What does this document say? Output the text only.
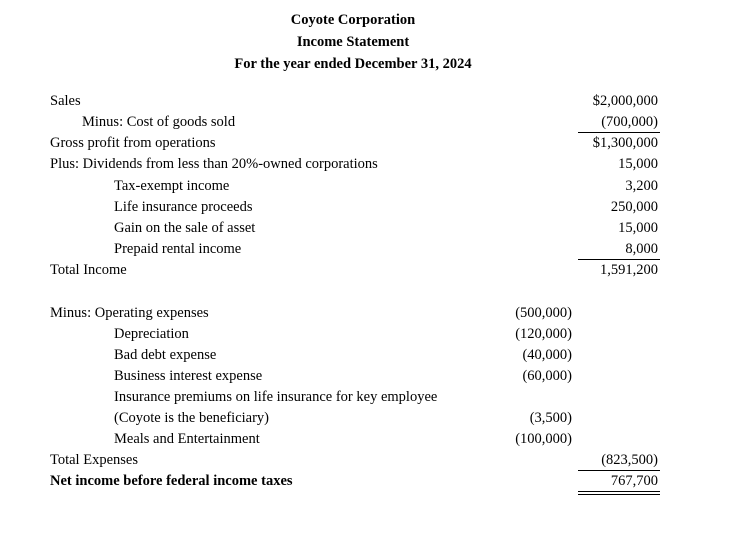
Coyote Corporation
Income Statement
For the year ended December 31, 2024
Sales	$2,000,000
Minus: Cost of goods sold	(700,000)
Gross profit from operations	$1,300,000
Plus: Dividends from less than 20%-owned corporations	15,000
Tax-exempt income	3,200
Life insurance proceeds	250,000
Gain on the sale of asset	15,000
Prepaid rental income	8,000
Total Income	1,591,200
Minus: Operating expenses	(500,000)
Depreciation	(120,000)
Bad debt expense	(40,000)
Business interest expense	(60,000)
Insurance premiums on life insurance for key employee
(Coyote is the beneficiary)	(3,500)
Meals and Entertainment	(100,000)
Total Expenses	(823,500)
Net income before federal income taxes	767,700
